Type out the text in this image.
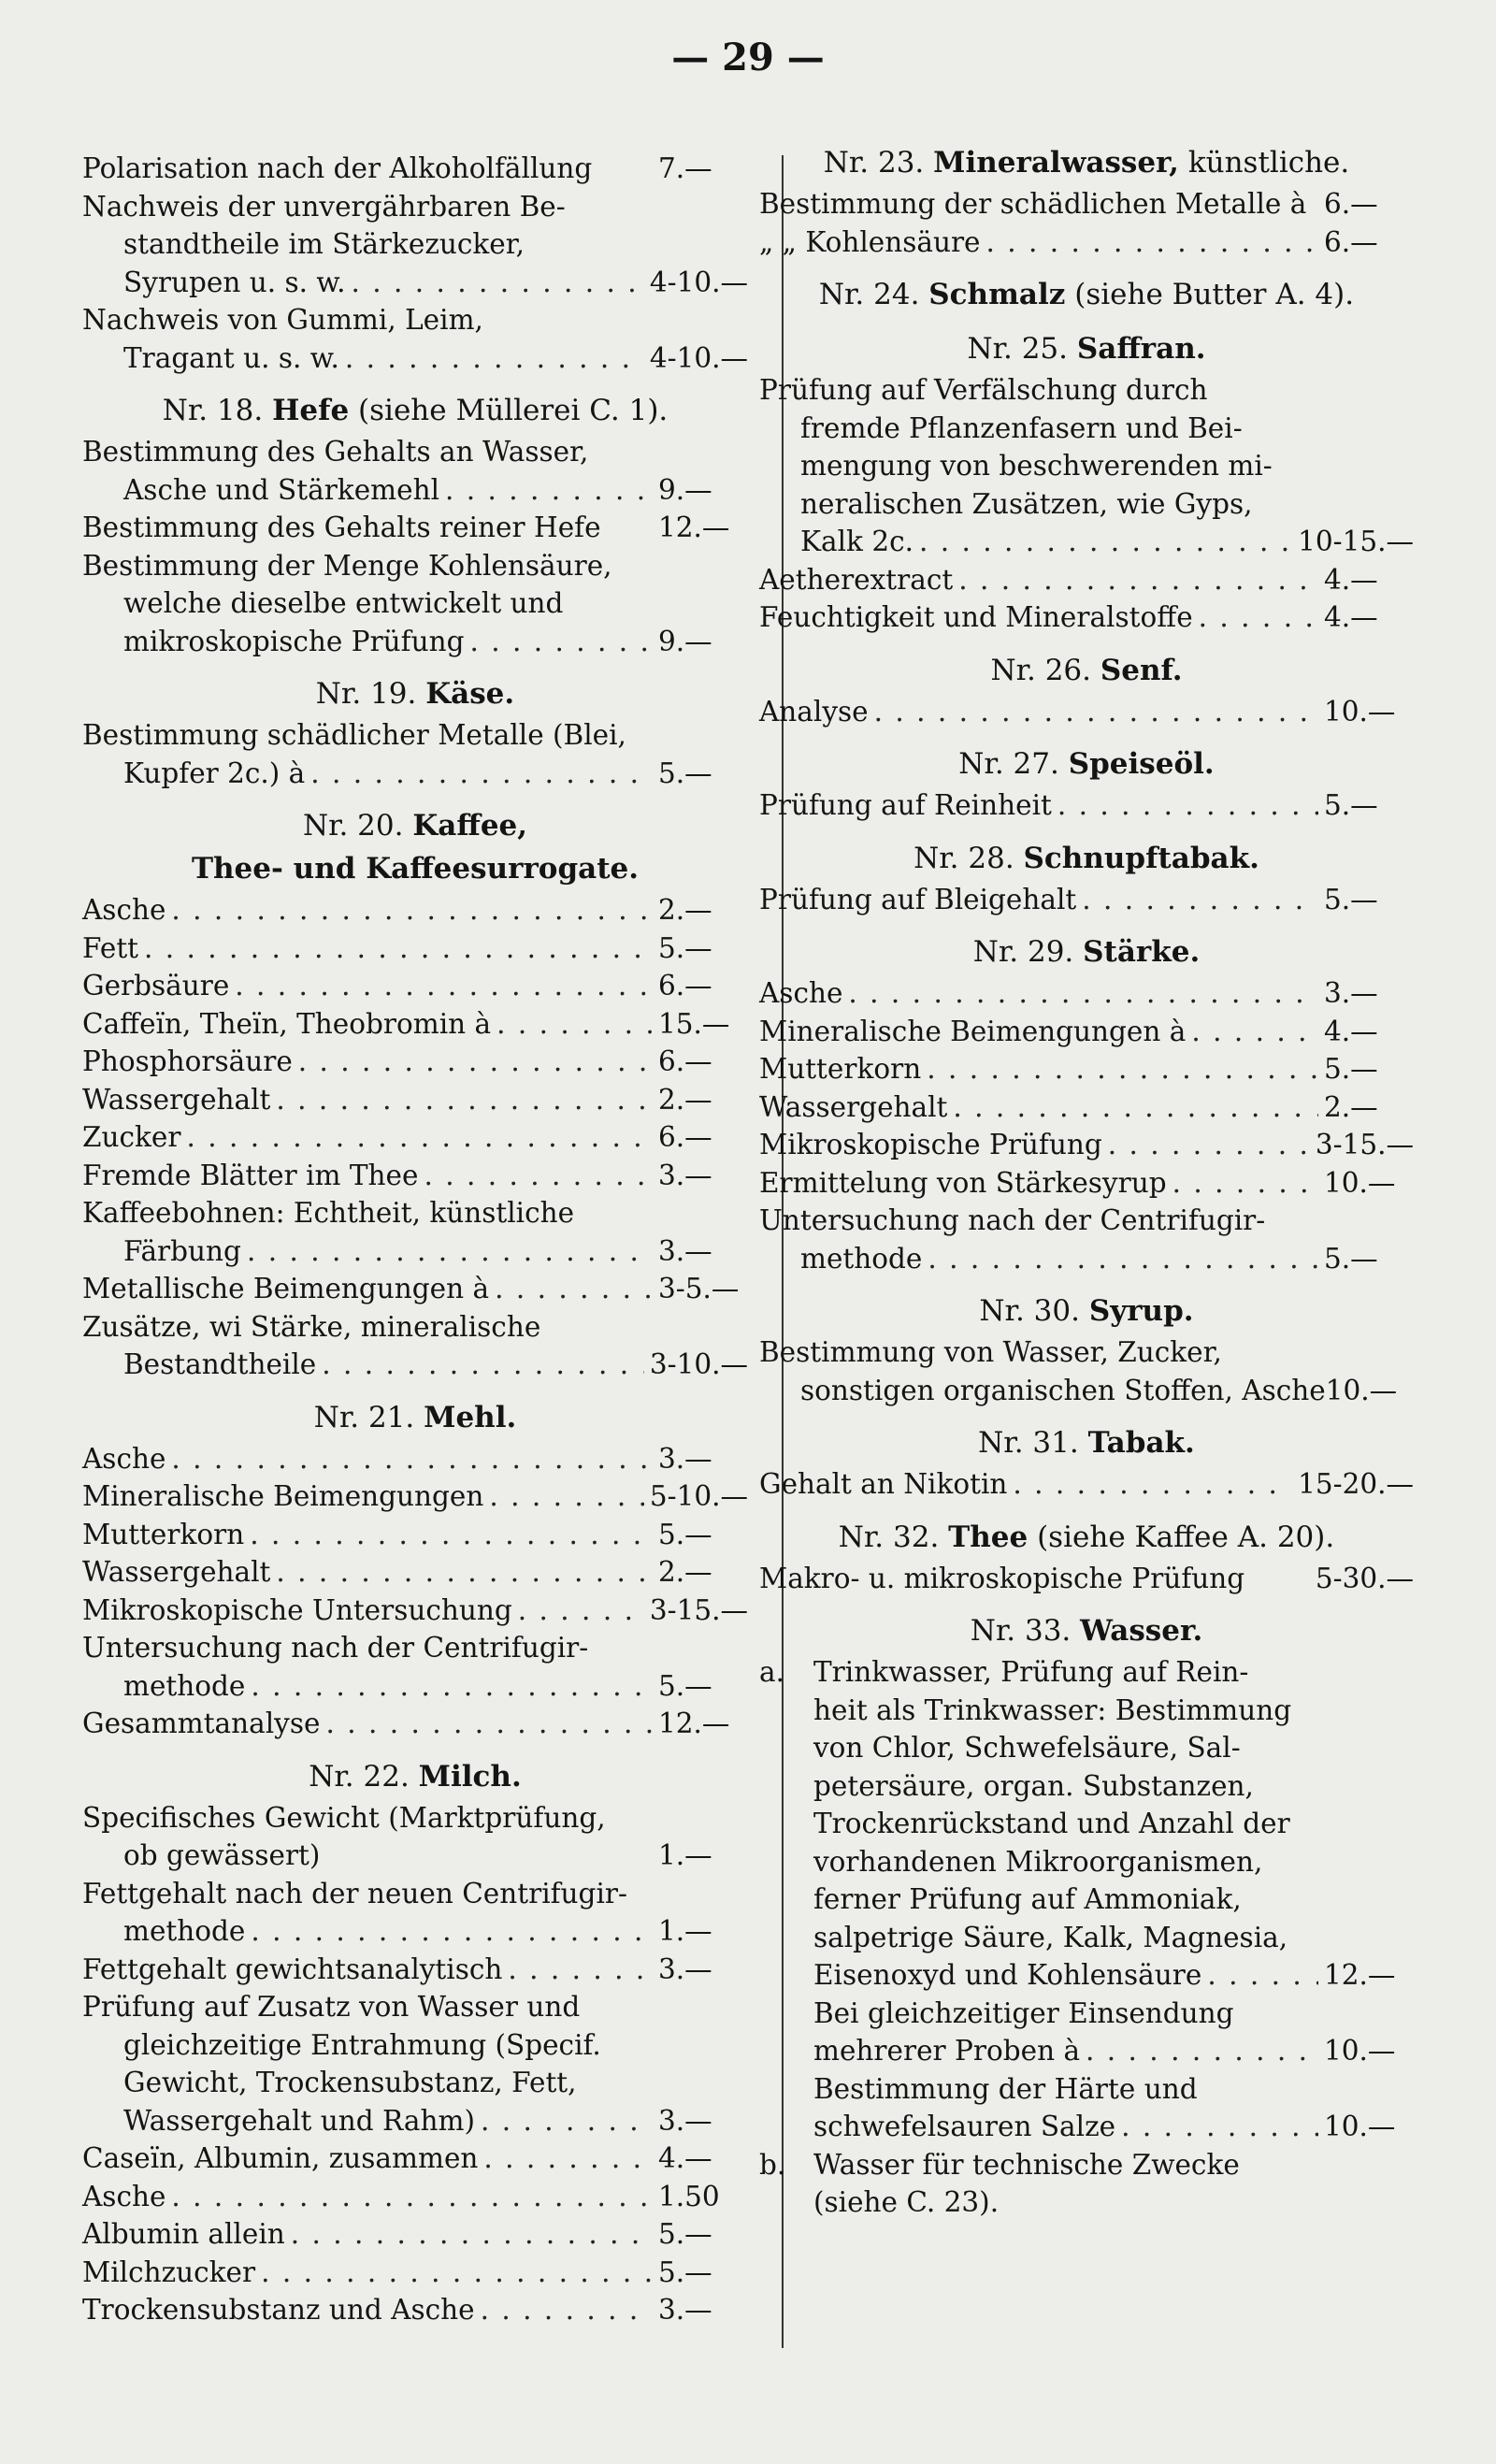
— 29 —
Polarisation nach der Alkoholfällung 7.—
Nachweis der unvergährbaren Be-
standtheile im Stärkezucker,
Syrupen u. s. w. . . .	4-10.—
Nachweis von Gummi, Leim,
Tragant u. s. w. . . .	4-10.—
Nr. 18. Hefe (siehe Müllerei C. 1).
Bestimmung des Gehalts an Wasser,
Asche und Stärkemehl . . .	9.—
Bestimmung des Gehalts reiner Hefe 12.—
Bestimmung der Menge Kohlensäure,
welche dieselbe entwickelt und
mikroskopische Prüfung . . .	9.—
Nr. 19. Käse.
Bestimmung schädlicher Metalle (Blei,
Kupfer 2c.) à . . .	5.—
Nr. 20. Kaffee,
Thee- und Kaffeesurrogate.
Asche . . .	2.—
Fett . . .	5.—
Gerbsäure . . .	6.—
Caffeïn, Theïn, Theobromin à . . .	15.—
Phosphorsäure . . .	6.—
Wassergehalt . . .	2.—
Zucker . . .	6.—
Fremde Blätter im Thee . . .	3.—
Kaffeebohnen: Echtheit, künstliche
Färbung . . .	3.—
Metallische Beimengungen à . . .	3-5.—
Zusätze, wi Stärke, mineralische
Bestandtheile . . .	3-10.—
Nr. 21. Mehl.
Asche . . .	3.—
Mineralische Beimengungen . . .	5-10.—
Mutterkorn . . .	5.—
Wassergehalt . . .	2.—
Mikroskopische Untersuchung . . .	3-15.—
Untersuchung nach der Centrifugir-
methode . . .	5.—
Gesammtanalyse . . .	12.—
Nr. 22. Milch.
Specifisches Gewicht (Marktprüfung,
ob gewässert)	1.—
Fettgehalt nach der neuen Centrifugir-
methode . . .	1.—
Fettgehalt gewichtsanalytisch . . .	3.—
Prüfung auf Zusatz von Wasser und
gleichzeitige Entrahmung (Specif.
Gewicht, Trockensubstanz, Fett,
Wassergehalt und Rahm) . . .	3.—
Caseïn, Albumin, zusammen . . .	4.—
Asche . . .	1.50
Albumin allein . . .	5.—
Milchzucker . . .	5.—
Trockensubstanz und Asche . . .	3.—
Nr. 23. Mineralwasser, künstliche.
Bestimmung der schädlichen Metalle à 6.—
„ „ Kohlensäure . . .	6.—
Nr. 24. Schmalz (siehe Butter A. 4).
Nr. 25. Saffran.
Prüfung auf Verfälschung durch
fremde Pflanzenfasern und Bei-
mengung von beschwerenden mi-
neralischen Zusätzen, wie Gyps,
Kalk 2c. . . .	10-15.—
Aetherextract . . .	4.—
Feuchtigkeit und Mineralstoffe . . .	4.—
Nr. 26. Senf.
Analyse . . .	10.—
Nr. 27. Speiseöl.
Prüfung auf Reinheit . . .	5.—
Nr. 28. Schnupftabak.
Prüfung auf Bleigehalt . . .	5.—
Nr. 29. Stärke.
Asche . . .	3.—
Mineralische Beimengungen à . . .	4.—
Mutterkorn . . .	5.—
Wassergehalt . . .	2.—
Mikroskopische Prüfung . . .	3-15.—
Ermittelung von Stärkesyrup . . .	10.—
Untersuchung nach der Centrifugir-
methode . . .	5.—
Nr. 30. Syrup.
Bestimmung von Wasser, Zucker,
sonstigen organischen Stoffen, Asche 10.—
Nr. 31. Tabak.
Gehalt an Nikotin . . .	15-20.—
Nr. 32. Thee (siehe Kaffee A. 20).
Makro- u. mikroskopische Prüfung	5-30.—
Nr. 33. Wasser.
a.	Trinkwasser, Prüfung auf Rein-
heit als Trinkwasser: Bestimmung
von Chlor, Schwefelsäure, Sal-
petersäure, organ. Substanzen,
Trockenrückstand und Anzahl der
vorhandenen Mikroorganismen,
ferner Prüfung auf Ammoniak,
salpetrige Säure, Kalk, Magnesia,
Eisenoxyd und Kohlensäure . . .	12.—
Bei gleichzeitiger Einsendung
mehrerer Proben à . . .	10.—
Bestimmung der Härte und
schwefelsauren Salze . . .	10.—
b.	Wasser für technische Zwecke
(siehe C. 23).
